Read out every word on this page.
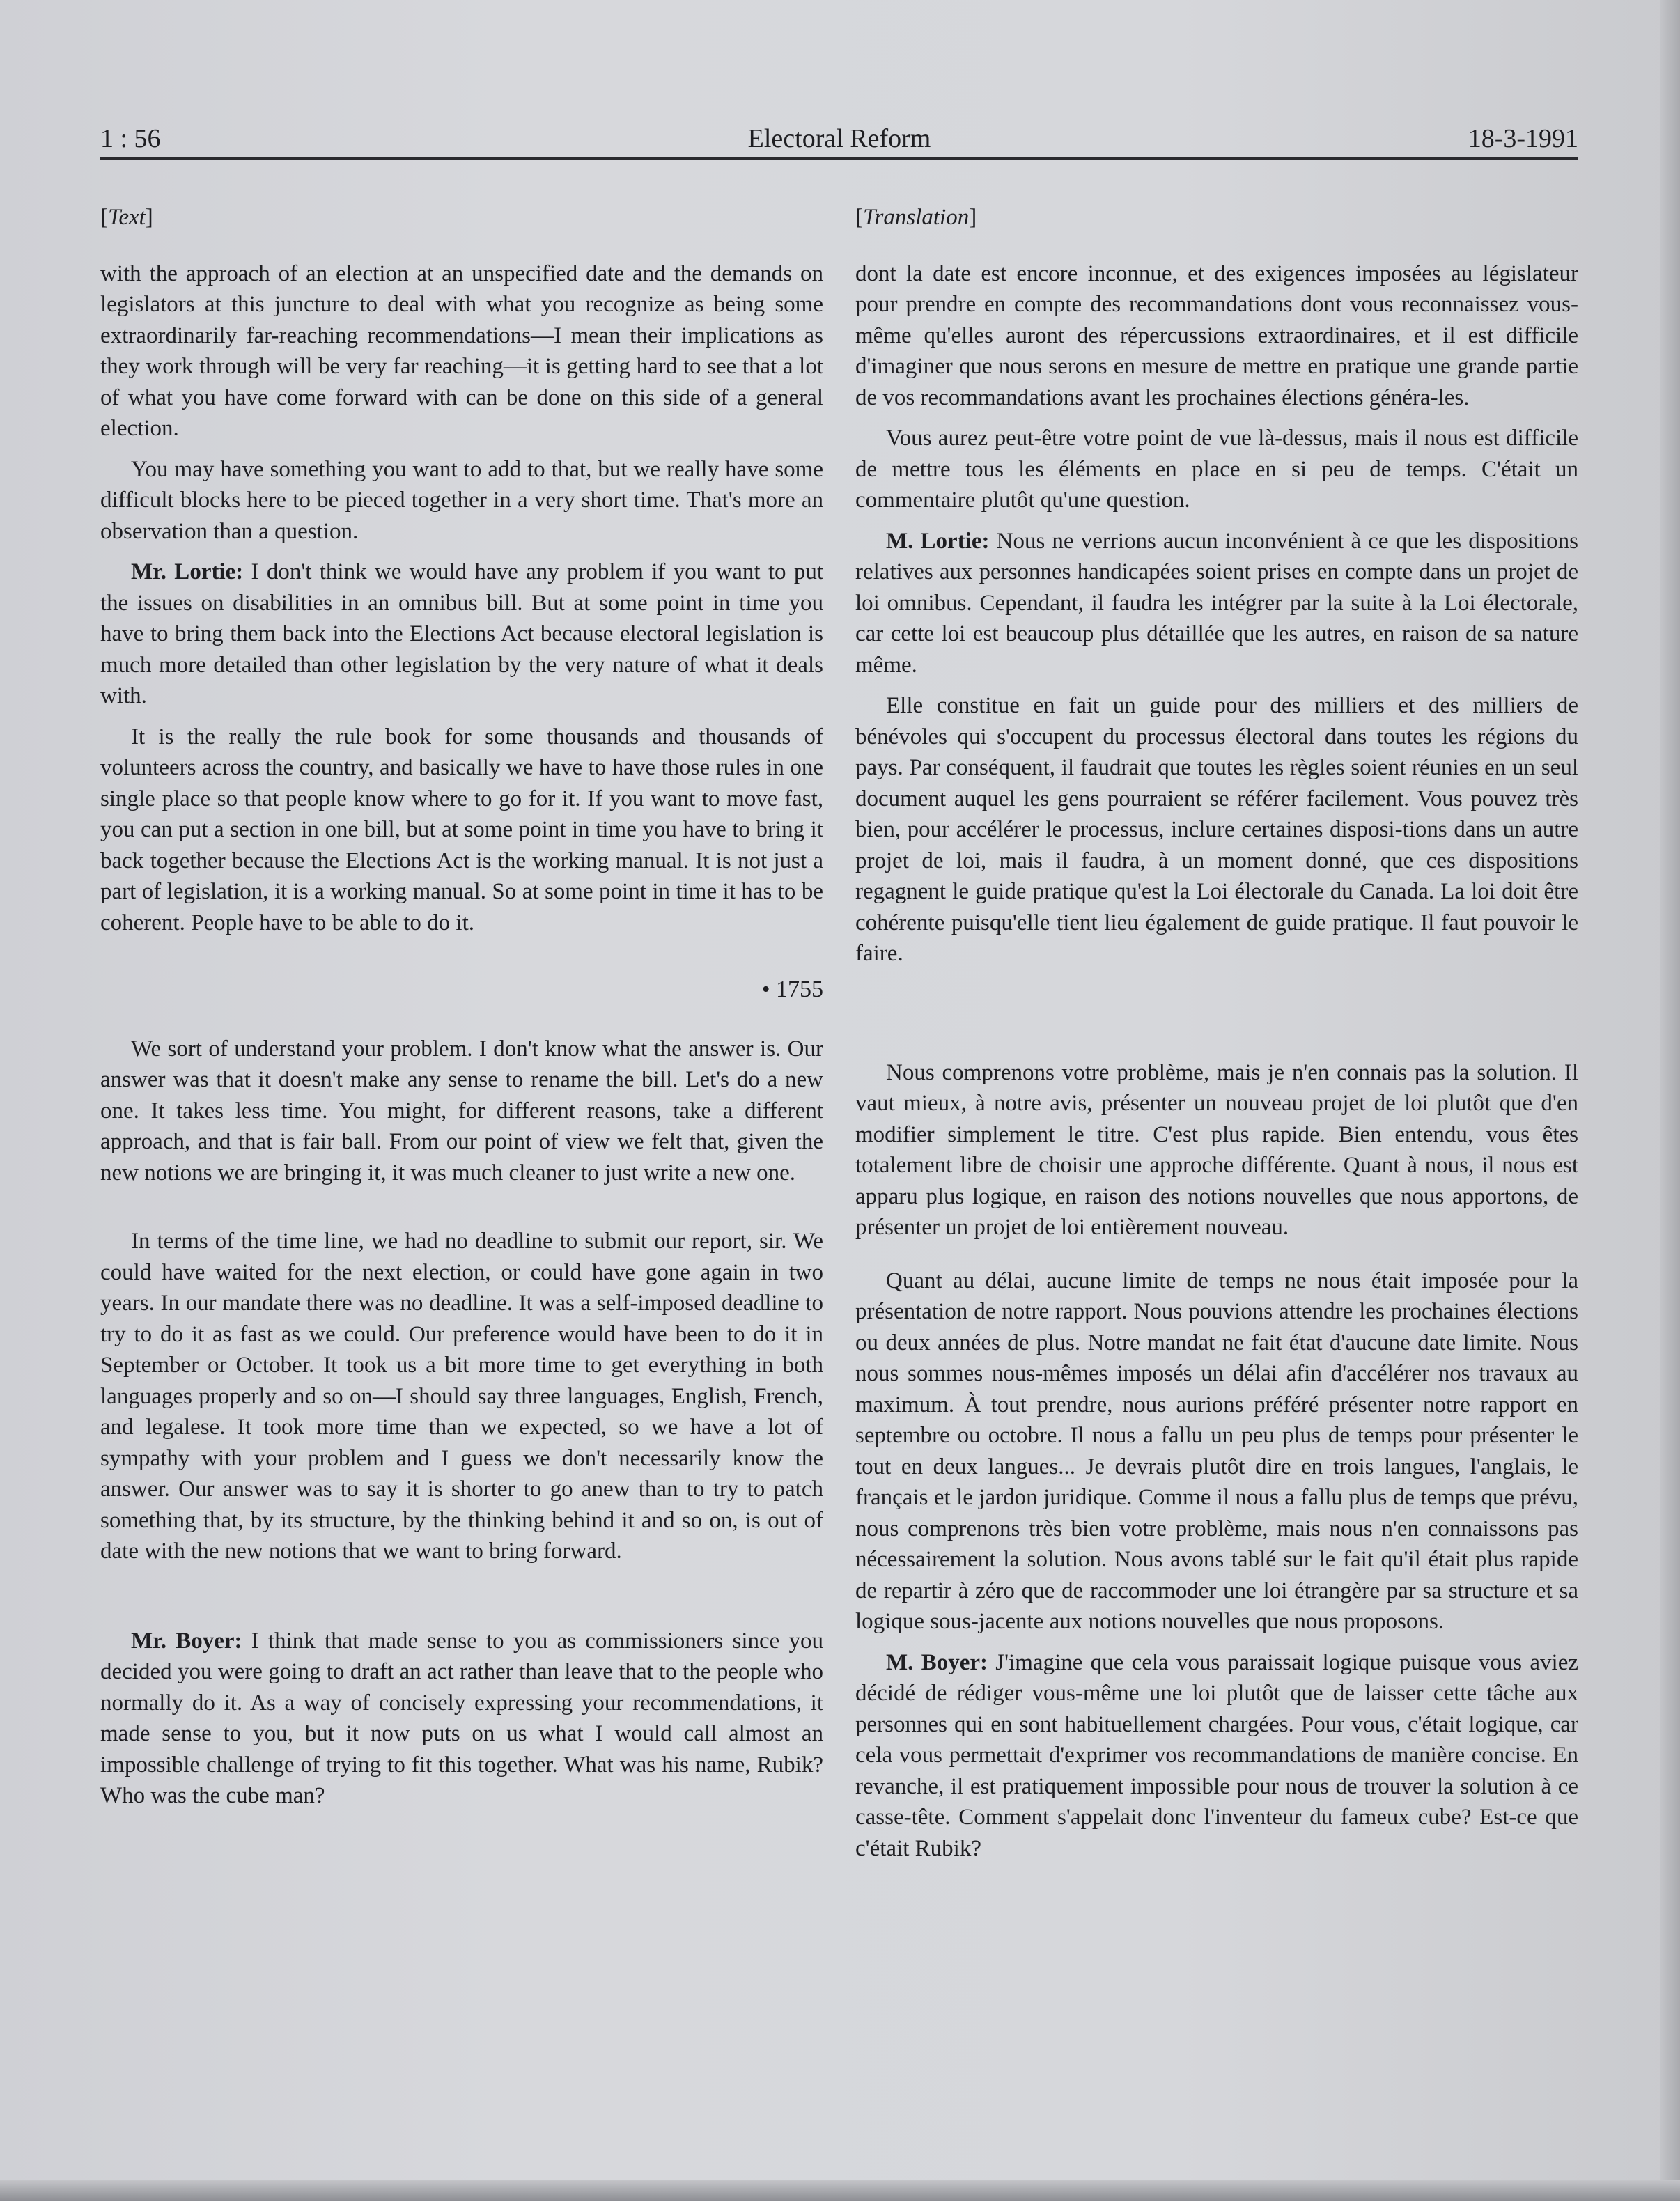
1 : 56	Electoral Reform	18-3-1991
[Text]

with the approach of an election at an unspecified date and the demands on legislators at this juncture to deal with what you recognize as being some extraordinarily far-reaching recommendations—I mean their implications as they work through will be very far reaching—it is getting hard to see that a lot of what you have come forward with can be done on this side of a general election.

You may have something you want to add to that, but we really have some difficult blocks here to be pieced together in a very short time. That's more an observation than a question.

Mr. Lortie: I don't think we would have any problem if you want to put the issues on disabilities in an omnibus bill. But at some point in time you have to bring them back into the Elections Act because electoral legislation is much more detailed than other legislation by the very nature of what it deals with.

It is the really the rule book for some thousands and thousands of volunteers across the country, and basically we have to have those rules in one single place so that people know where to go for it. If you want to move fast, you can put a section in one bill, but at some point in time you have to bring it back together because the Elections Act is the working manual. It is not just a part of legislation, it is a working manual. So at some point in time it has to be coherent. People have to be able to do it.

• 1755

We sort of understand your problem. I don't know what the answer is. Our answer was that it doesn't make any sense to rename the bill. Let's do a new one. It takes less time. You might, for different reasons, take a different approach, and that is fair ball. From our point of view we felt that, given the new notions we are bringing it, it was much cleaner to just write a new one.

In terms of the time line, we had no deadline to submit our report, sir. We could have waited for the next election, or could have gone again in two years. In our mandate there was no deadline. It was a self-imposed deadline to try to do it as fast as we could. Our preference would have been to do it in September or October. It took us a bit more time to get everything in both languages properly and so on—I should say three languages, English, French, and legalese. It took more time than we expected, so we have a lot of sympathy with your problem and I guess we don't necessarily know the answer. Our answer was to say it is shorter to go anew than to try to patch something that, by its structure, by the thinking behind it and so on, is out of date with the new notions that we want to bring forward.

Mr. Boyer: I think that made sense to you as commissioners since you decided you were going to draft an act rather than leave that to the people who normally do it. As a way of concisely expressing your recommendations, it made sense to you, but it now puts on us what I would call almost an impossible challenge of trying to fit this together. What was his name, Rubik? Who was the cube man?

[Translation]

dont la date est encore inconnue, et des exigences imposées au législateur pour prendre en compte des recommandations dont vous reconnaissez vous-même qu'elles auront des répercussions extraordinaires, et il est difficile d'imaginer que nous serons en mesure de mettre en pratique une grande partie de vos recommandations avant les prochaines élections généra-les.

Vous aurez peut-être votre point de vue là-dessus, mais il nous est difficile de mettre tous les éléments en place en si peu de temps. C'était un commentaire plutôt qu'une question.

M. Lortie: Nous ne verrions aucun inconvénient à ce que les dispositions relatives aux personnes handicapées soient prises en compte dans un projet de loi omnibus. Cependant, il faudra les intégrer par la suite à la Loi électorale, car cette loi est beaucoup plus détaillée que les autres, en raison de sa nature même.

Elle constitue en fait un guide pour des milliers et des milliers de bénévoles qui s'occupent du processus électoral dans toutes les régions du pays. Par conséquent, il faudrait que toutes les règles soient réunies en un seul document auquel les gens pourraient se référer facilement. Vous pouvez très bien, pour accélérer le processus, inclure certaines disposi-tions dans un autre projet de loi, mais il faudra, à un moment donné, que ces dispositions regagnent le guide pratique qu'est la Loi électorale du Canada. La loi doit être cohérente puisqu'elle tient lieu également de guide pratique. Il faut pouvoir le faire.

Nous comprenons votre problème, mais je n'en connais pas la solution. Il vaut mieux, à notre avis, présenter un nouveau projet de loi plutôt que d'en modifier simplement le titre. C'est plus rapide. Bien entendu, vous êtes totalement libre de choisir une approche différente. Quant à nous, il nous est apparu plus logique, en raison des notions nouvelles que nous apportons, de présenter un projet de loi entièrement nouveau.

Quant au délai, aucune limite de temps ne nous était imposée pour la présentation de notre rapport. Nous pouvions attendre les prochaines élections ou deux années de plus. Notre mandat ne fait état d'aucune date limite. Nous nous sommes nous-mêmes imposés un délai afin d'accélérer nos travaux au maximum. À tout prendre, nous aurions préféré présenter notre rapport en septembre ou octobre. Il nous a fallu un peu plus de temps pour présenter le tout en deux langues... Je devrais plutôt dire en trois langues, l'anglais, le français et le jardon juridique. Comme il nous a fallu plus de temps que prévu, nous comprenons très bien votre problème, mais nous n'en connaissons pas nécessairement la solution. Nous avons tablé sur le fait qu'il était plus rapide de repartir à zéro que de raccommoder une loi étrangère par sa structure et sa logique sous-jacente aux notions nouvelles que nous proposons.

M. Boyer: J'imagine que cela vous paraissait logique puisque vous aviez décidé de rédiger vous-même une loi plutôt que de laisser cette tâche aux personnes qui en sont habituellement chargées. Pour vous, c'était logique, car cela vous permettait d'exprimer vos recommandations de manière concise. En revanche, il est pratiquement impossible pour nous de trouver la solution à ce casse-tête. Comment s'appelait donc l'inventeur du fameux cube? Est-ce que c'était Rubik?
